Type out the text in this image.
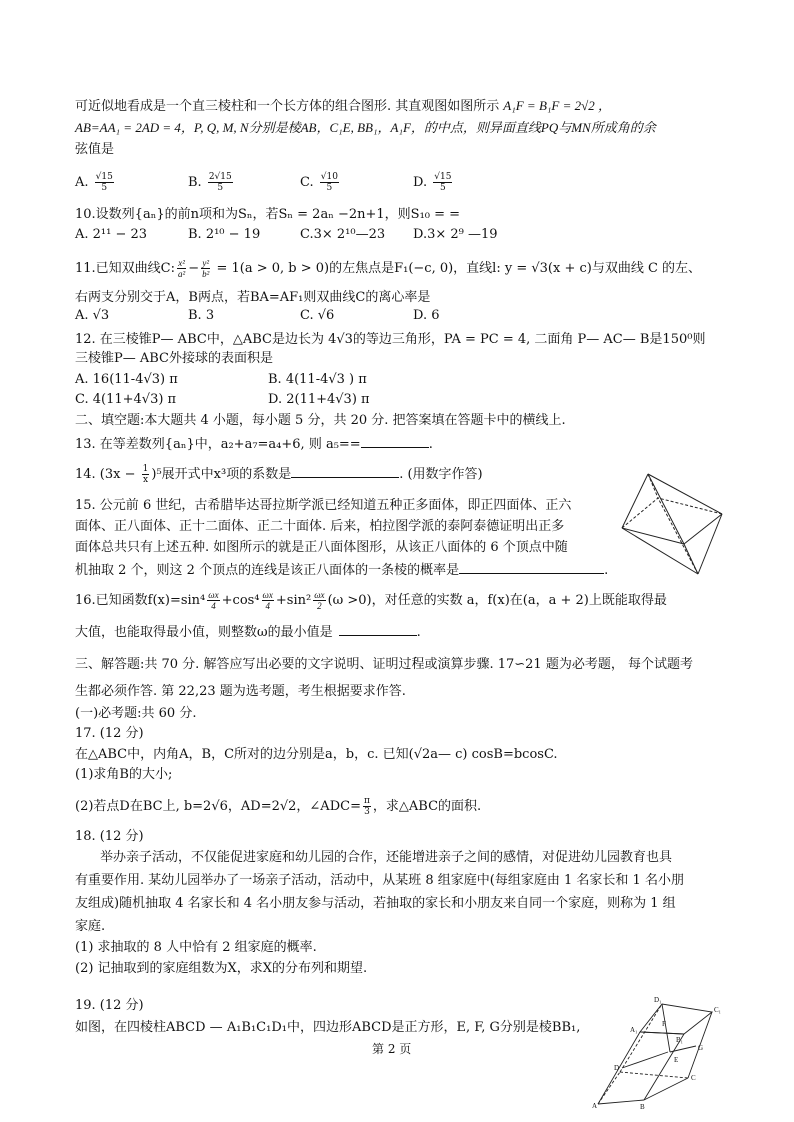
可近似地看成是一个直三棱柱和一个长方体的组合图形. 其直观图如图所示 A₁F = B₁F = 2√2 ，
AB=AA₁ = 2AD = 4，P, Q, M, N分别是棱AB，C₁E, BB₁，A₁F，的中点，则异面直线PQ与MN所成角的余
弦值是
A. $\frac{√15}{5}$	B. $\frac{2√15}{5}$	C. $\frac{√10}{5}$	D. $\frac{√15}{5}$
10.设数列{aₙ}的前n项和为Sₙ，若Sₙ = 2aₙ −2n+1，则S₁₀ = =
A. 2¹¹ − 23	B. 2¹⁰ − 19	C.3× 2¹⁰—23 D.3× 2⁹ —19
11.已知双曲线C: $\frac{\text{x²}}{\text{a²}} - \frac{\text{y²}}{\text{b²}} = 1(a > 0$, b > 0)的左焦点是F₁(−c, 0)，直线l: y = √3(x + c)与双曲线 C 的左、
右两支分别交于A，B两点，若BA=AF₁则双曲线C的离心率是
A. √3	B. 3	C. √6	D. 6
12. 在三棱锥P— ABC中，△ABC是边长为 4√3的等边三角形，PA = PC = 4, 二面角 P— AC— B是150⁰则
三棱锥P— ABC外接球的表面积是
A. 16(11-4√3) π	B. 4(11-4√3 ) π
C. 4(11+4√3) π	D. 2(11+4√3) π
二、填空题:本大题共 4 小题，每小题 5 分，共 20 分. 把答案填在答题卡中的横线上.
13. 在等差数列{aₙ}中，a₂+a₇=a₄+6, 则 a₅==	.
14. $(3x - \frac{1}{x} )^5$展开式中x³项的系数是	. (用数字作答)
15. 公元前 6 世纪，古希腊毕达哥拉斯学派已经知道五种正多面体，即正四面体、正六
面体、正八面体、正十二面体、正二十面体. 后来，柏拉图学派的泰阿泰德证明出正多
面体总共只有上述五种. 如图所示的就是正八面体图形，从该正八面体的 6 个顶点中随
机抽取 2 个，则这 2 个顶点的连线是该正八面体的一条棱的概率是	.
16.已知函数$f(x)=\sin^4 \frac{\omega x}{4} +\cos^4 \frac{\omega x}{4} +\sin^2 \frac{\omega x}{2} (\omega >0)$，对任意的实数 a，f(x)在(a，a + 2)上既能取得最
大值，也能取得最小值，则整数ω的最小值是	.
三、解答题:共 70 分. 解答应写出必要的文字说明、证明过程或演算步骤. 17∽21 题为必考题， 每个试题考
生都必须作答. 第 22,23 题为选考题，考生根据要求作答.
(一)必考题:共 60 分.
17. (12 分)
在△ABC中，内角A，B，C所对的边分别是a，b，c. 已知(√2a— c) cosB=bcosC.
(1)求角B的大小;
(2)若点D在BC上, b=2√6，AD=2√2，∠ADC= $\frac{\pi}{3}$ ，求△ABC的面积.
18. (12 分)
举办亲子活动，不仅能促进家庭和幼儿园的合作，还能增进亲子之间的感情，对促进幼儿园教育也具
有重要作用. 某幼儿园举办了一场亲子活动，活动中，从某班 8 组家庭中(每组家庭由 1 名家长和 1 名小朋
友组成)随机抽取 4 名家长和 4 名小朋友参与活动，若抽取的家长和小朋友来自同一个家庭，则称为 1 组
家庭.
(1) 求抽取的 8 人中恰有 2 组家庭的概率.
(2) 记抽取到的家庭组数为X，求X的分布列和期望.
19. (12 分)
如图，在四棱柱ABCD — A₁B₁C₁D₁中，四边形ABCD是正方形，E, F, G分别是棱BB₁,
D₁
C₁
A₁
F
B₁
G
E
D
C
A	B
第 2 页
